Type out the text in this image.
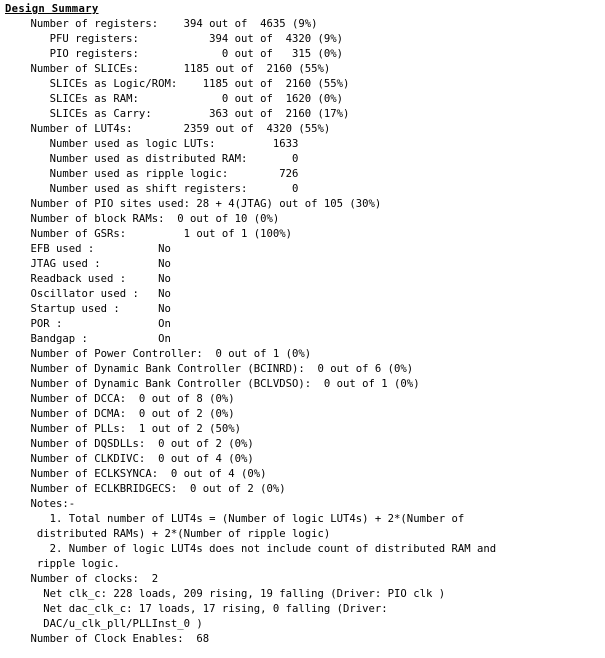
Design Summary
Number of registers:    394 out of  4635 (9%)
PFU registers:           394 out of  4320 (9%)
PIO registers:             0 out of   315 (0%)
Number of SLICEs:       1185 out of  2160 (55%)
SLICEs as Logic/ROM:    1185 out of  2160 (55%)
SLICEs as RAM:             0 out of  1620 (0%)
SLICEs as Carry:         363 out of  2160 (17%)
Number of LUT4s:        2359 out of  4320 (55%)
Number used as logic LUTs:         1633
Number used as distributed RAM:       0
Number used as ripple logic:        726
Number used as shift registers:       0
Number of PIO sites used: 28 + 4(JTAG) out of 105 (30%)
Number of block RAMs:  0 out of 10 (0%)
Number of GSRs:         1 out of 1 (100%)
EFB used :          No
JTAG used :         No
Readback used :     No
Oscillator used :   No
Startup used :      No
POR :               On
Bandgap :           On
Number of Power Controller:  0 out of 1 (0%)
Number of Dynamic Bank Controller (BCINRD):  0 out of 6 (0%)
Number of Dynamic Bank Controller (BCLVDSO):  0 out of 1 (0%)
Number of DCCA:  0 out of 8 (0%)
Number of DCMA:  0 out of 2 (0%)
Number of PLLs:  1 out of 2 (50%)
Number of DQSDLLs:  0 out of 2 (0%)
Number of CLKDIVC:  0 out of 4 (0%)
Number of ECLKSYNCA:  0 out of 4 (0%)
Number of ECLKBRIDGECS:  0 out of 2 (0%)
Notes:-
1. Total number of LUT4s = (Number of logic LUT4s) + 2*(Number of
distributed RAMs) + 2*(Number of ripple logic)
2. Number of logic LUT4s does not include count of distributed RAM and
ripple logic.
Number of clocks:  2
Net clk_c: 228 loads, 209 rising, 19 falling (Driver: PIO clk )
Net dac_clk_c: 17 loads, 17 rising, 0 falling (Driver:
DAC/u_clk_pll/PLLInst_0 )
Number of Clock Enables:  68
